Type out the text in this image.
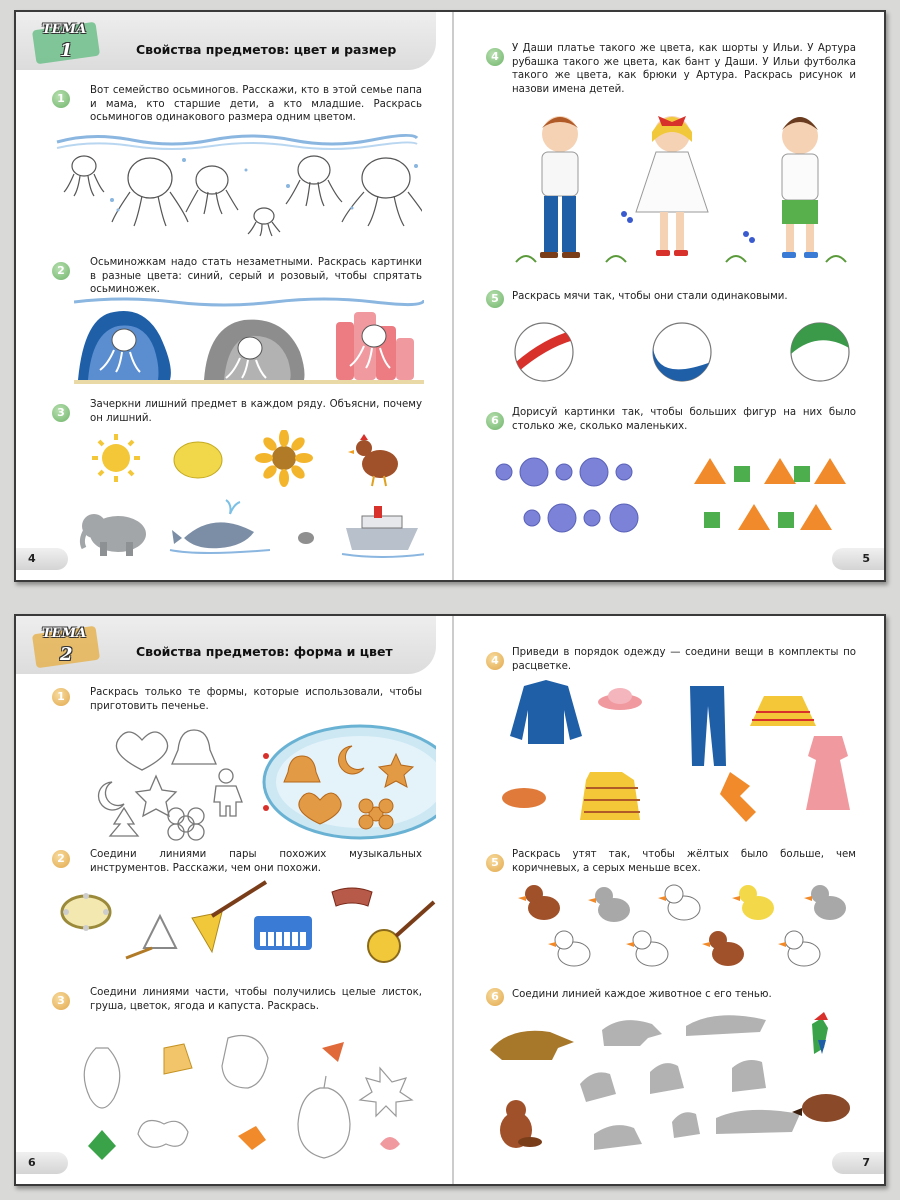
ТЕМА
1	Свойства предметов: цвет и размер
1
Вот семейство осьминогов. Расскажи, кто в этой семье папа и мама, кто старшие дети, а кто младшие. Раскрась осьминогов одинакового размера одним цветом.
2
Осьминожкам надо стать незаметными. Раскрась картинки в разные цвета: синий, серый и розовый, чтобы спрятать осьминожек.
3
Зачеркни лишний предмет в каждом ряду. Объясни, почему он лишний.
4
4
У Даши платье такого же цвета, как шорты у Ильи. У Артура рубашка такого же цвета, как бант у Даши. У Ильи футболка такого же цвета, как брюки у Артура. Раскрась рисунок и назови имена детей.
5	Раскрась мячи так, чтобы они стали одинаковыми.
6
Дорисуй картинки так, чтобы больших фигур на них было столько же, сколько маленьких.
5
ТЕМА
2	Свойства предметов: форма и цвет
1	Раскрась только те формы, которые использовали, чтобы приготовить печенье.
2	Соедини линиями пары похожих музыкальных инструментов. Расскажи, чем они похожи.
3
Соедини линиями части, чтобы получились целые листок, груша, цветок, ягода и капуста. Раскрась.
6
4
Приведи в порядок одежду — соедини вещи в комплекты по расцветке.
5
Раскрась утят так, чтобы жёлтых было больше, чем коричневых, а серых меньше всех.
6	Соедини линией каждое животное с его тенью.
7
